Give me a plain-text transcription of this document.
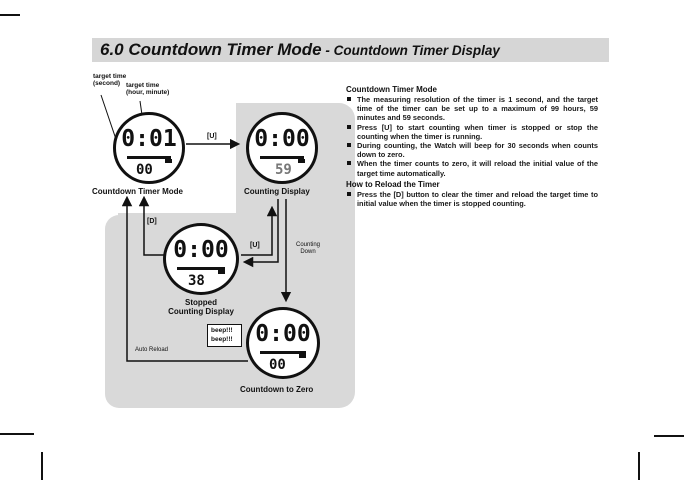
6.0 Countdown Timer Mode - Countdown Timer Display
0:01
00
0:00
59
0:00
38
0:00
00
target time
(second) target time
(hour, minute)
Countdown Timer Mode	Counting Display
Stopped
Counting Display
Countdown to Zero
Counting
Down
Auto Reload
[U]
[U]
[D]
beep!!!
beep!!!
Countdown Timer Mode
The measuring resolution of the timer is 1 second, and the target time of the timer can be set up to a maximum of 99 hours, 59 minutes and 59 seconds.
Press [U] to start counting when timer is stopped or stop the counting when the timer is running.
During counting, the Watch will beep for 30 seconds when counts down to zero.
When the timer counts to zero, it will reload the initial value of the target time automatically.
How to Reload the Timer
Press the [D] button to clear the timer and reload the target time to initial value when the timer is stopped counting.
